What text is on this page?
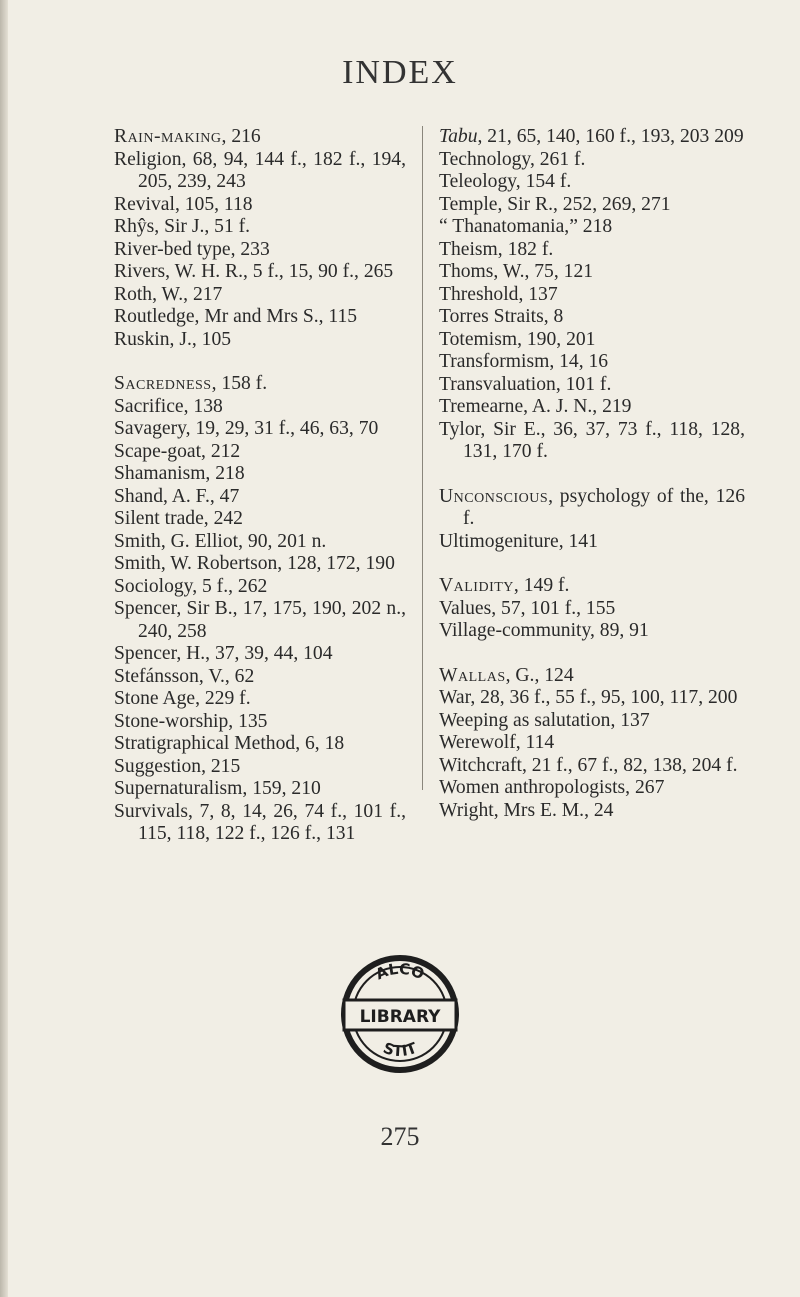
INDEX
Rain-making, 216
Religion, 68, 94, 144 f., 182 f., 194, 205, 239, 243
Revival, 105, 118
Rhŷs, Sir J., 51 f.
River-bed type, 233
Rivers, W. H. R., 5 f., 15, 90 f., 265
Roth, W., 217
Routledge, Mr and Mrs S., 115
Ruskin, J., 105
Sacredness, 158 f.
Sacrifice, 138
Savagery, 19, 29, 31 f., 46, 63, 70
Scape-goat, 212
Shamanism, 218
Shand, A. F., 47
Silent trade, 242
Smith, G. Elliot, 90, 201 n.
Smith, W. Robertson, 128, 172, 190
Sociology, 5 f., 262
Spencer, Sir B., 17, 175, 190, 202 n., 240, 258
Spencer, H., 37, 39, 44, 104
Stefánsson, V., 62
Stone Age, 229 f.
Stone-worship, 135
Stratigraphical Method, 6, 18
Suggestion, 215
Supernaturalism, 159, 210
Survivals, 7, 8, 14, 26, 74 f., 101 f., 115, 118, 122 f., 126 f., 131
Tabu, 21, 65, 140, 160 f., 193, 203 209
Technology, 261 f.
Teleology, 154 f.
Temple, Sir R., 252, 269, 271
“ Thanatomania,” 218
Theism, 182 f.
Thoms, W., 75, 121
Threshold, 137
Torres Straits, 8
Totemism, 190, 201
Transformism, 14, 16
Transvaluation, 101 f.
Tremearne, A. J. N., 219
Tylor, Sir E., 36, 37, 73 f., 118, 128, 131, 170 f.
Unconscious, psychology of the, 126 f.
Ultimogeniture, 141
Validity, 149 f.
Values, 57, 101 f., 155
Village-community, 89, 91
Wallas, G., 124
War, 28, 36 f., 55 f., 95, 100, 117, 200
Weeping as salutation, 137
Werewolf, 114
Witchcraft, 21 f., 67 f., 82, 138, 204 f.
Women anthropologists, 267
Wright, Mrs E. M., 24
ALCO
LIBRARY
STIT
275
